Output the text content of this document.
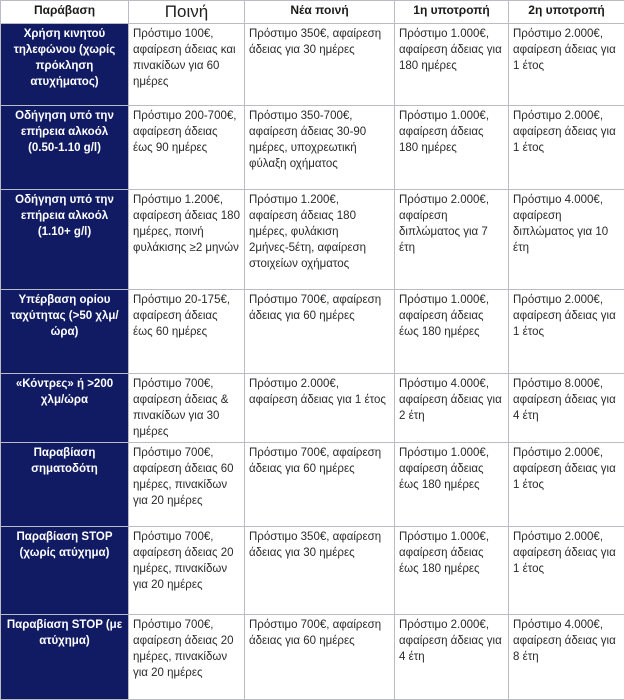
Παράβαση	Ποινή	Νέα ποινή	1η υποτροπή	2η υποτροπή
Χρήση κινητού τηλεφώνου (χωρίς πρόκληση ατυχήματος)	Πρόστιμο 100€, αφαίρεση άδειας και πινακίδων για 60 ημέρες	Πρόστιμο 350€, αφαίρεση άδειας για 30 ημέρες	Πρόστιμο 1.000€, αφαίρεση άδειας για 180 ημέρες	Πρόστιμο 2.000€, αφαίρεση άδειας για 1 έτος
Οδήγηση υπό την επήρεια αλκοόλ (0.50-1.10 g/l)	Πρόστιμο 200-700€, αφαίρεση άδειας έως 90 ημέρες	Πρόστιμο 350-700€, αφαίρεση άδειας 30-90 ημέρες, υποχρεωτική φύλαξη οχήματος	Πρόστιμο 1.000€, αφαίρεση άδειας 180 ημέρες	Πρόστιμο 2.000€, αφαίρεση άδειας για 1 έτος
Οδήγηση υπό την επήρεια αλκοόλ (1.10+ g/l)	Πρόστιμο 1.200€, αφαίρεση άδειας 180 ημέρες, ποινή φυλάκισης ≥2 μηνών	Πρόστιμο 1.200€, αφαίρεση άδειας 180 ημέρες, φυλάκιση 2μήνες-5έτη, αφαίρεση στοιχείων οχήματος	Πρόστιμο 2.000€, αφαίρεση διπλώματος για 7 έτη	Πρόστιμο 4.000€, αφαίρεση διπλώματος για 10 έτη
Υπέρβαση ορίου ταχύτητας (>50 χλμ/ώρα)	Πρόστιμο 20-175€, αφαίρεση άδειας έως 60 ημέρες	Πρόστιμο 700€, αφαίρεση άδειας για 60 ημέρες	Πρόστιμο 1.000€, αφαίρεση άδειας έως 180 ημέρες	Πρόστιμο 2.000€, αφαίρεση άδειας για 1 έτος
«Κόντρες» ή >200 χλμ/ώρα	Πρόστιμο 700€, αφαίρεση άδειας & πινακίδων για 30 ημέρες	Πρόστιμο 2.000€, αφαίρεση άδειας για 1 έτος	Πρόστιμο 4.000€, αφαίρεση άδειας για 2 έτη	Πρόστιμο 8.000€, αφαίρεση άδειας για 4 έτη
Παραβίαση σηματοδότη	Πρόστιμο 700€, αφαίρεση άδειας 60 ημέρες, πινακίδων για 20 ημέρες	Πρόστιμο 700€, αφαίρεση άδειας για 60 ημέρες	Πρόστιμο 1.000€, αφαίρεση άδειας έως 180 ημέρες	Πρόστιμο 2.000€, αφαίρεση άδειας για 1 έτος
Παραβίαση STOP (χωρίς ατύχημα)	Πρόστιμο 700€, αφαίρεση άδειας 20 ημέρες, πινακίδων για 20 ημέρες	Πρόστιμο 350€, αφαίρεση άδειας για 30 ημέρες	Πρόστιμο 1.000€, αφαίρεση άδειας έως 180 ημέρες	Πρόστιμο 2.000€, αφαίρεση άδειας για 1 έτος
Παραβίαση STOP (με ατύχημα)	Πρόστιμο 700€, αφαίρεση άδειας 20 ημέρες, πινακίδων για 20 ημέρες	Πρόστιμο 700€, αφαίρεση άδειας για 60 ημέρες	Πρόστιμο 2.000€, αφαίρεση άδειας για 4 έτη	Πρόστιμο 4.000€, αφαίρεση άδειας για 8 έτη
